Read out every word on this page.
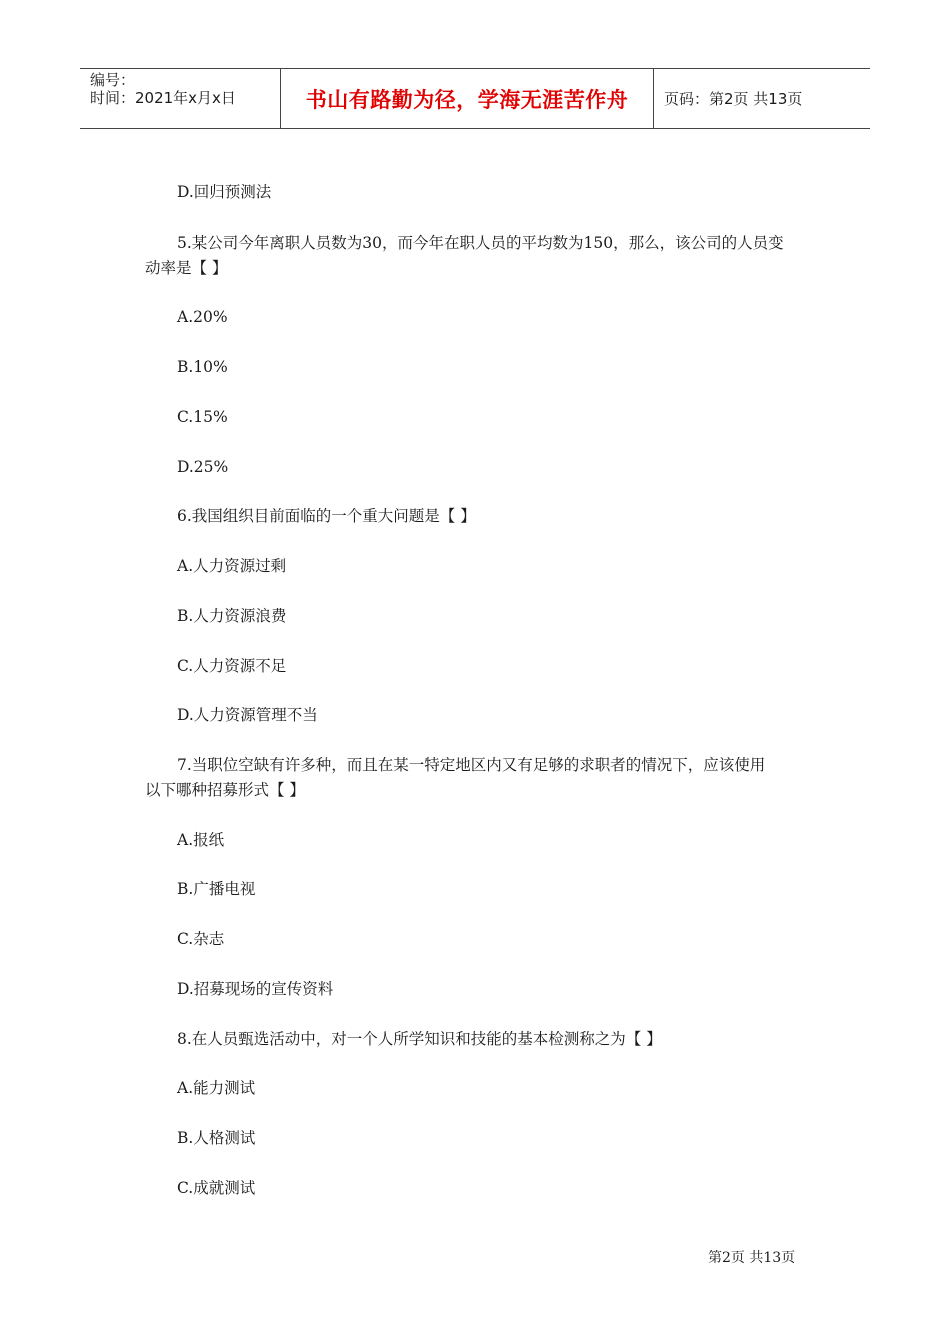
编号：
时间：2021年x月x日	书山有路勤为径，学海无涯苦作舟	页码：第2页 共13页
D.回归预测法
5.某公司今年离职人员数为30，而今年在职人员的平均数为150，那么，该公司的人员变
动率是【 】
A.20%
B.10%
C.15%
D.25%
6.我国组织目前面临的一个重大问题是【 】
A.人力资源过剩
B.人力资源浪费
C.人力资源不足
D.人力资源管理不当
7.当职位空缺有许多种，而且在某一特定地区内又有足够的求职者的情况下，应该使用
以下哪种招募形式【 】
A.报纸
B.广播电视
C.杂志
D.招募现场的宣传资料
8.在人员甄选活动中，对一个人所学知识和技能的基本检测称之为【 】
A.能力测试
B.人格测试
C.成就测试
第2页 共13页
